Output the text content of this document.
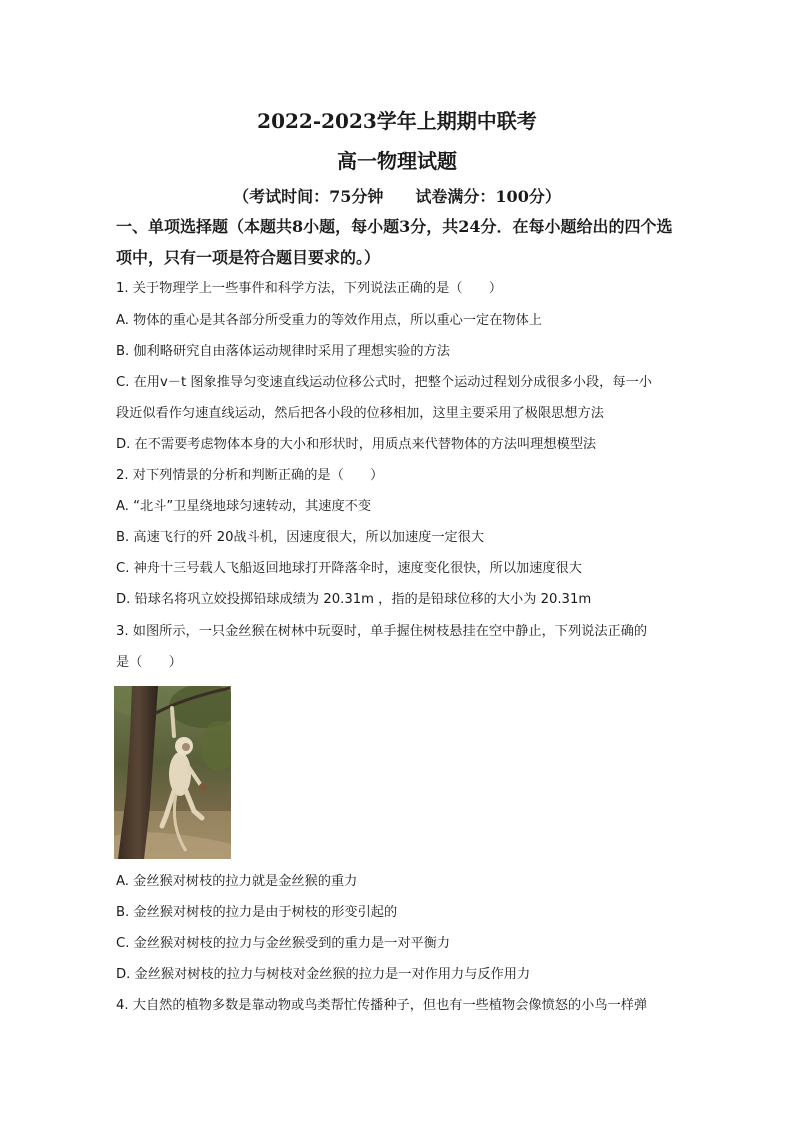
2022-2023学年上期期中联考
高一物理试题
（考试时间：75分钟　　试卷满分：100分）
一、单项选择题（本题共8小题，每小题3分，共24分．在每小题给出的四个选
项中，只有一项是符合题目要求的。）
1. 关于物理学上一些事件和科学方法，下列说法正确的是（　　）
A. 物体的重心是其各部分所受重力的等效作用点，所以重心一定在物体上
B. 伽利略研究自由落体运动规律时采用了理想实验的方法
C. 在用v－t 图象推导匀变速直线运动位移公式时，把整个运动过程划分成很多小段，每一小
段近似看作匀速直线运动，然后把各小段的位移相加，这里主要采用了极限思想方法
D. 在不需要考虑物体本身的大小和形状时，用质点来代替物体的方法叫理想模型法
2. 对下列情景的分析和判断正确的是（　　）
A. “北斗”卫星绕地球匀速转动，其速度不变
B. 高速飞行的歼 20战斗机，因速度很大，所以加速度一定很大
C. 神舟十三号载人飞船返回地球打开降落伞时，速度变化很快，所以加速度很大
D. 铅球名将巩立姣投掷铅球成绩为 20.31m ，指的是铅球位移的大小为 20.31m
3. 如图所示，一只金丝猴在树林中玩耍时，单手握住树枝悬挂在空中静止，下列说法正确的
是（　　）
A. 金丝猴对树枝的拉力就是金丝猴的重力
B. 金丝猴对树枝的拉力是由于树枝的形变引起的
C. 金丝猴对树枝的拉力与金丝猴受到的重力是一对平衡力
D. 金丝猴对树枝的拉力与树枝对金丝猴的拉力是一对作用力与反作用力
4. 大自然的植物多数是靠动物或鸟类帮忙传播种子，但也有一些植物会像愤怒的小鸟一样弹
